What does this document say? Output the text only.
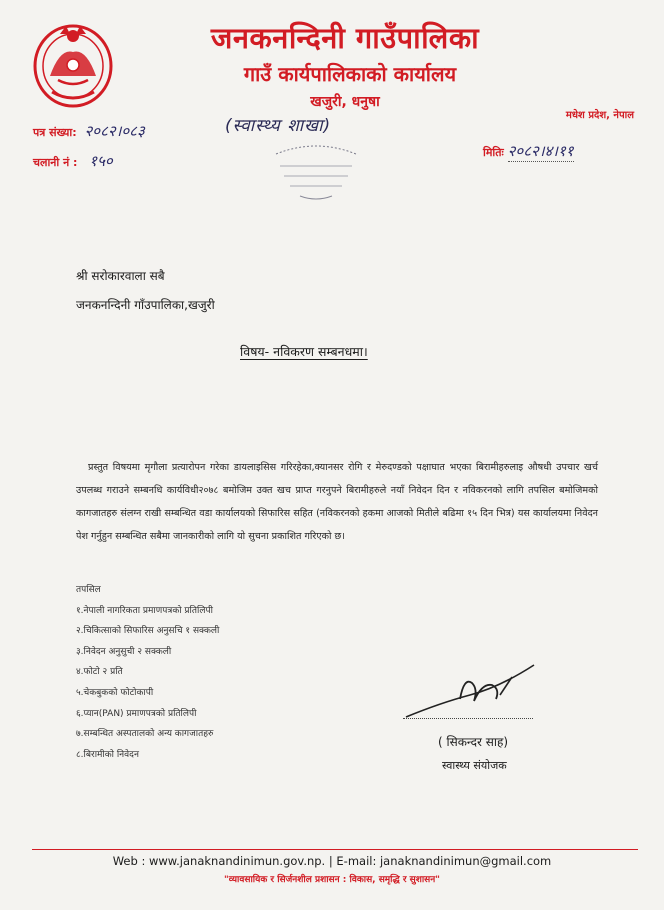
जनकनन्दिनी गाउँपालिका
गाउँ कार्यपालिकाको कार्यालय
खजुरी, धनुषा
मधेश प्रदेश, नेपाल
पत्र संख्या: २०८२।०८३
चलानी नं : १५०
(स्वास्थ्य शाखा)
मितिः २०८२।४।११
श्री सरोकारवाला सबै
जनकनन्दिनी गाँउपालिका,खजुरी
विषय- नविकरण सम्बनधमा।
प्रस्तुत विषयमा मृगौला प्रत्यारोपन गरेका डायलाइसिस गरिरहेका,क्यानसर रोगि र मेरुदण्डको पक्षाघात भएका बिरामीहरुलाइ औषधी उपचार खर्च उपलब्ध गराउने सम्बनधि कार्यविधी२०७८ बमोजिम उक्त खच प्राप्त गरनुपने बिरामीहरुले नयाँ निवेदन दिन र नविकरनको लागि तपसिल बमोजिमको कागजातहरु संलग्न राखी सम्बन्धित वडा कार्यालयको सिफारिस सहित (नविकरनको हकमा आजको मितीले बढिमा १५ दिन भित्र) यस कार्यालयमा निवेदन पेश गर्नुहुन सम्बन्धित सबैमा जानकारीको लागि यो सुचना प्रकाशित गरिएको छ।
तपसिल
१.नेपाली नागरिकता प्रमाणपत्रको प्रतिलिपी
२.चिकित्साको सिफारिस अनुसचि १ सक्कली
३.निवेदन अनुसुची २ सक्कली
४.फोटो २ प्रति
५.चेकबुकको फोटोकापी
६.प्यान(PAN) प्रमाणपत्रको प्रतिलिपी
७.सम्बन्धित अस्पतालको अन्य कागजातहरु
८.बिरामीको निवेदन
( सिकन्दर साह)
स्वास्थ्य संयोजक
Web : www.janaknandinimun.gov.np. | E-mail: janaknandinimun@gmail.com
"व्यावसायिक र सिर्जनशील प्रशासन : विकास, समृद्धि र सुशासन"
